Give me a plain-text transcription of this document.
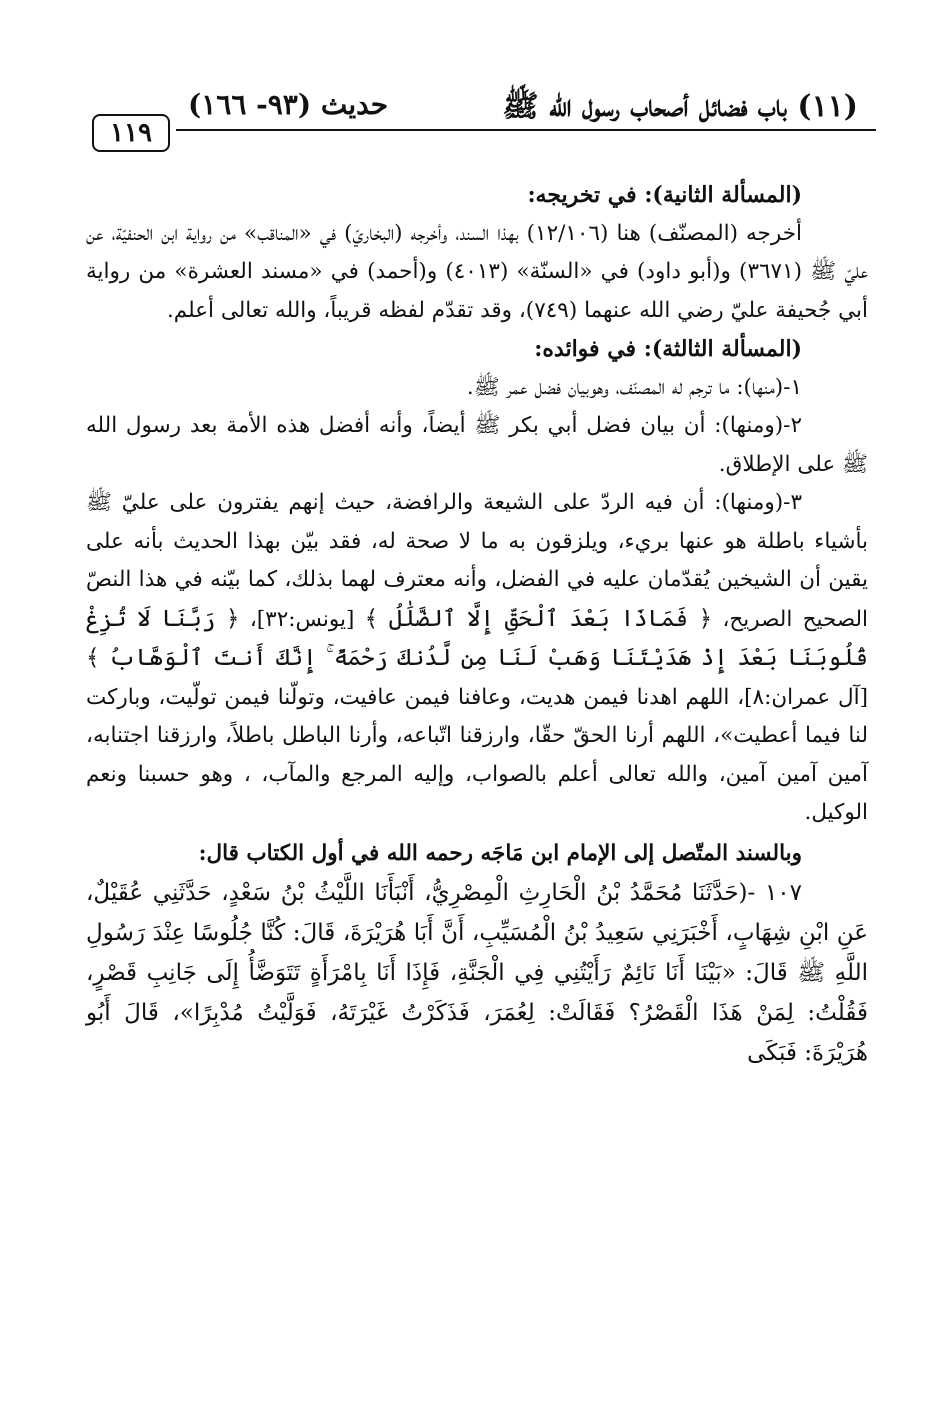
(١١) باب فضائل أصحاب رسول الله ﷺ
حديث (٩٣- ١٦٦)
١١٩

(المسألة الثانية): في تخريجه:

أخرجه (المصنّف) هنا (١٢/١٠٦) بهذا السند، وأخرجه (البخاريّ) في «المناقب» من رواية ابن الحنفيّة، عن عليّ ﷺ (٣٦٧١) و(أبو داود) في «السنّة» (٤٠١٣) و(أحمد) في «مسند العشرة» من رواية أبي جُحيفة عليّ رضي الله عنهما (٧٤٩)، وقد تقدّم لفظه قريباً، والله تعالى أعلم.

(المسألة الثالثة): في فوائده:

١-(منها): ما ترجم له المصنّف، وهوبيان فضل عمر ﷺ.

٢-(ومنها): أن بيان فضل أبي بكر ﷺ أيضاً، وأنه أفضل هذه الأمة بعد رسول الله ﷺ على الإطلاق.

٣-(ومنها): أن فيه الردّ على الشيعة والرافضة، حيث إنهم يفترون على عليّ ﷺ بأشياء باطلة هو عنها بريء، ويلزقون به ما لا صحة له، فقد بيّن بهذا الحديث بأنه على يقين أن الشيخين يُقدّمان عليه في الفضل، وأنه معترف لهما بذلك، كما بيّنه في هذا النصّ الصحيح الصريح، ﴿ فَمَاذَا بَعْدَ ٱلْحَقِّ إِلَّا ٱلضَّلَٰلُ ﴾ [يونس:٣٢]، ﴿ رَبَّنَا لَا تُزِغْ قُلُوبَنَا بَعْدَ إِذْ هَدَيْتَنَا وَهَبْ لَنَا مِن لَّدُنكَ رَحْمَةً ۚ إِنَّكَ أَنتَ ٱلْوَهَّابُ ﴾ [آل عمران:٨]، اللهم اهدنا فيمن هديت، وعافنا فيمن عافيت، وتولّنا فيمن تولّيت، وباركت لنا فيما أعطيت»، اللهم أرنا الحقّ حقّا، وارزقنا اتّباعه، وأرنا الباطل باطلاً، وارزقنا اجتنابه، آمين آمين آمين، والله تعالى أعلم بالصواب، وإليه المرجع والمآب، ، وهو حسبنا ونعم الوكيل.

وبالسند المتّصل إلى الإمام ابن مَاجَه رحمه الله في أول الكتاب قال:

١٠٧ -(حَدَّثَنَا مُحَمَّدُ بْنُ الْحَارِثِ الْمِصْرِيُّ، أَنْبَأَنَا اللَّيْثُ بْنُ سَعْدٍ، حَدَّثَنِي عُقَيْلٌ، عَنِ ابْنِ شِهَابٍ، أَخْبَرَنِي سَعِيدُ بْنُ الْمُسَيِّبِ، أَنَّ أَبَا هُرَيْرَةَ، قَالَ: كُنَّا جُلُوسًا عِنْدَ رَسُولِ اللَّهِ ﷺ قَالَ: «بَيْنَا أَنَا نَائِمٌ رَأَيْتُنِي فِي الْجَنَّةِ، فَإِذَا أَنَا بِامْرَأَةٍ تَتَوَضَّأُ إِلَى جَانِبِ قَصْرٍ، فَقُلْتُ: لِمَنْ هَذَا الْقَصْرُ؟ فَقَالَتْ: لِعُمَرَ، فَذَكَرْتُ غَيْرَتَهُ، فَوَلَّيْتُ مُدْبِرًا»، قَالَ أَبُو هُرَيْرَةَ: فَبَكَى
